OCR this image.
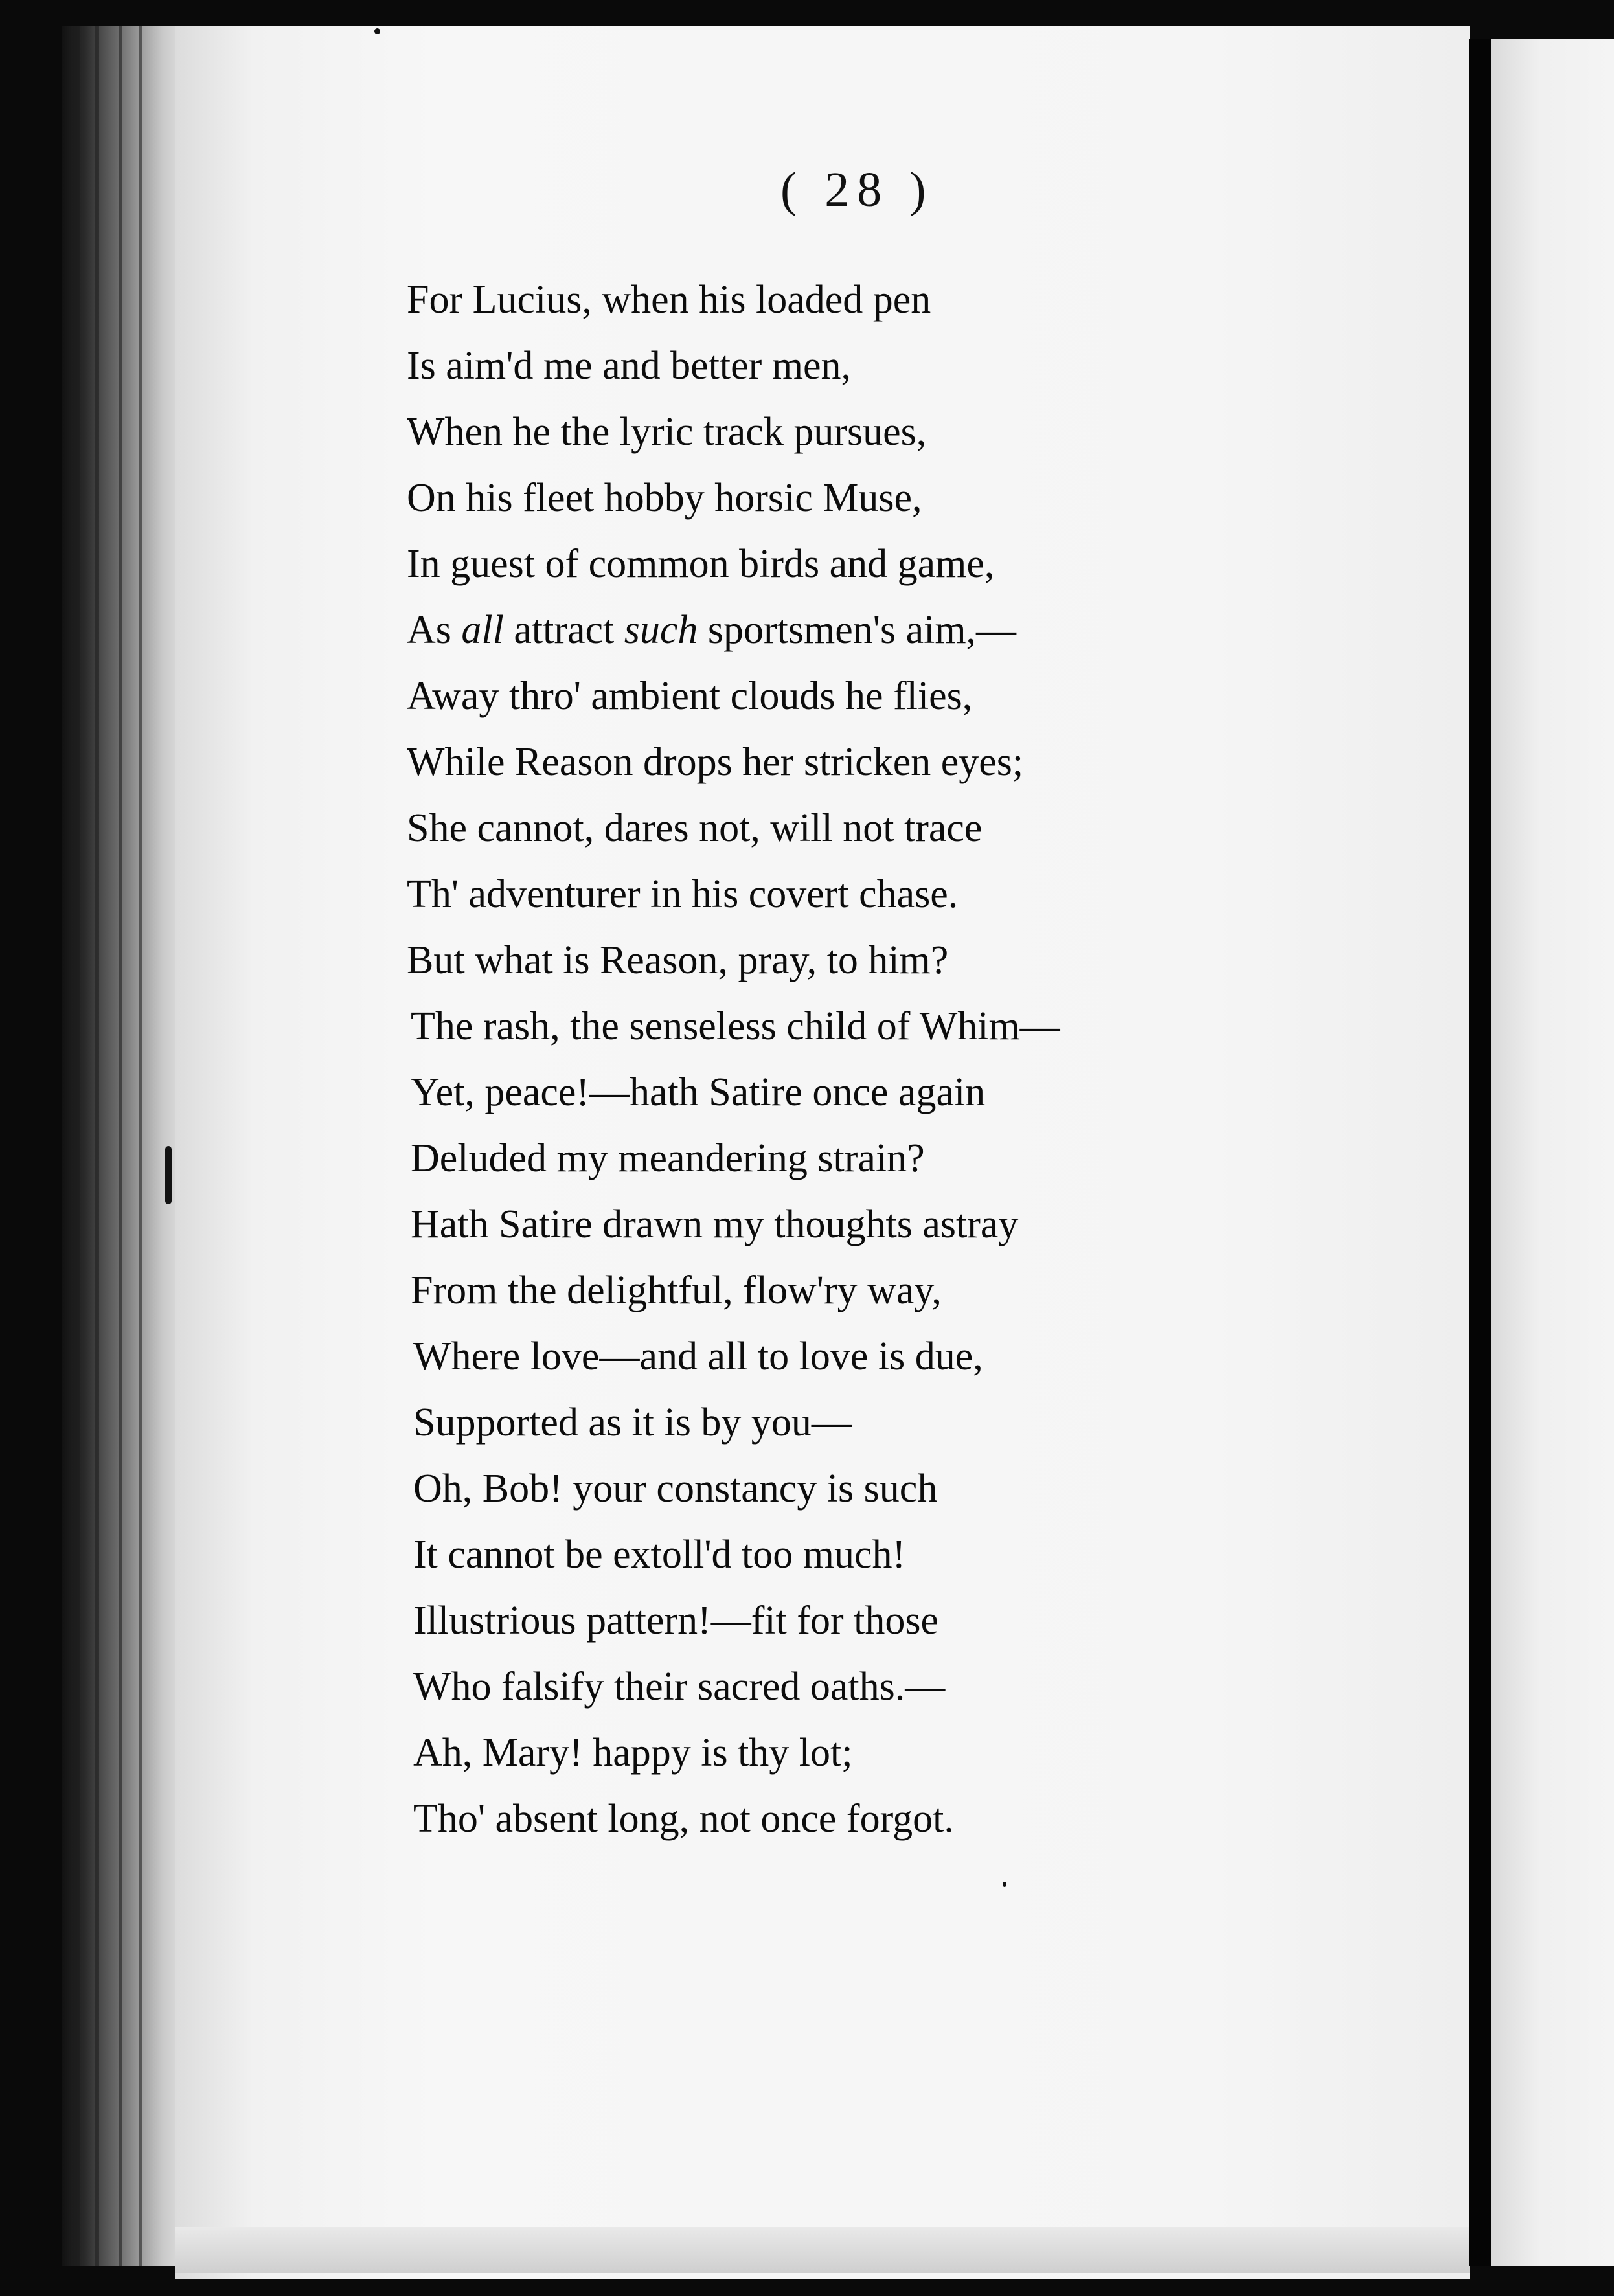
( 28 )
For Lucius, when his loaded pen
Is aim'd me and better men,
When he the lyric track pursues,
On his fleet hobby horsic Muse,
In guest of common birds and game,
As all attract such sportsmen's aim,—
Away thro' ambient clouds he flies,
While Reason drops her stricken eyes;
She cannot, dares not, will not trace
Th' adventurer in his covert chase.
But what is Reason, pray, to him?
The rash, the senseless child of Whim—
Yet, peace!—hath Satire once again
Deluded my meandering strain?
Hath Satire drawn my thoughts astray
From the delightful, flow'ry way,
Where love—and all to love is due,
Supported as it is by you—
Oh, Bob! your constancy is such
It cannot be extoll'd too much!
Illustrious pattern!—fit for those
Who falsify their sacred oaths.—
Ah, Mary! happy is thy lot;
Tho' absent long, not once forgot.
